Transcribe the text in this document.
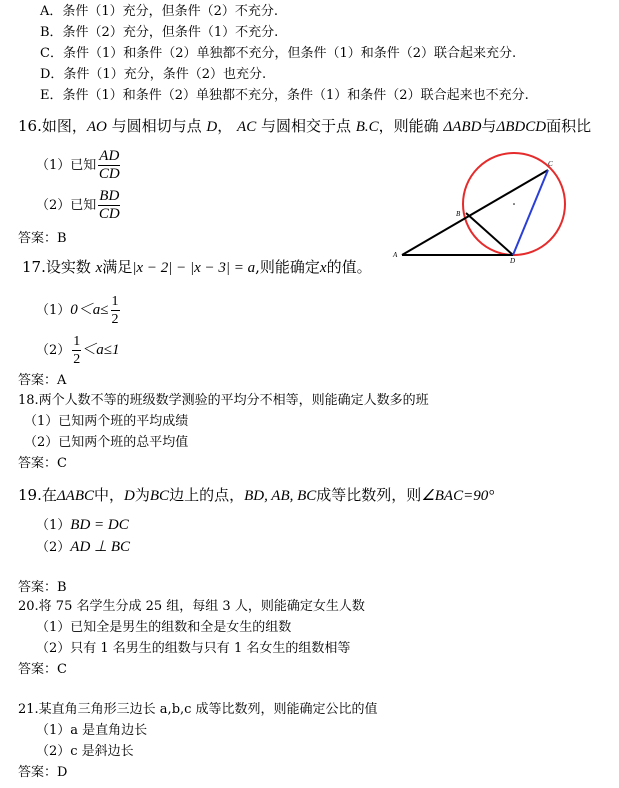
A．条件（1）充分，但条件（2）不充分.
B．条件（2）充分，但条件（1）不充分.
C．条件（1）和条件（2）单独都不充分，但条件（1）和条件（2）联合起来充分.
D．条件（1）充分，条件（2）也充分.
E．条件（1）和条件（2）单独都不充分，条件（1）和条件（2）联合起来也不充分.
16.如图，AO 与圆相切与点 D， AC 与圆相交于点 B.C，则能确 ΔABD与ΔBDCD面积比
（1）已知 $\frac{AD}{CD}$
（2）已知 $\frac{BD}{CD}$
答案：B
A
B
C
D
17.设实数 x满足|x − 2| − |x − 3| = a,则能确定x的值。
$(1)0<a\le \frac{1}{2}$
$(2) \frac{1}{2} <a\le 1$
答案：A
18.两个人数不等的班级数学测验的平均分不相等，则能确定人数多的班
（1）已知两个班的平均成绩
（2）已知两个班的总平均值
答案：C
19.在ΔABC中，D为BC边上的点，BD, AB, BC成等比数列，则∠BAC=90°
（1）BD = DC
（2）AD ⊥ BC
答案：B
20.将 75 名学生分成 25 组，每组 3 人，则能确定女生人数
（1）已知全是男生的组数和全是女生的组数
（2）只有 1 名男生的组数与只有 1 名女生的组数相等
答案：C
21.某直角三角形三边长 a,b,c 成等比数列，则能确定公比的值
（1）a 是直角边长
（2）c 是斜边长
答案：D
